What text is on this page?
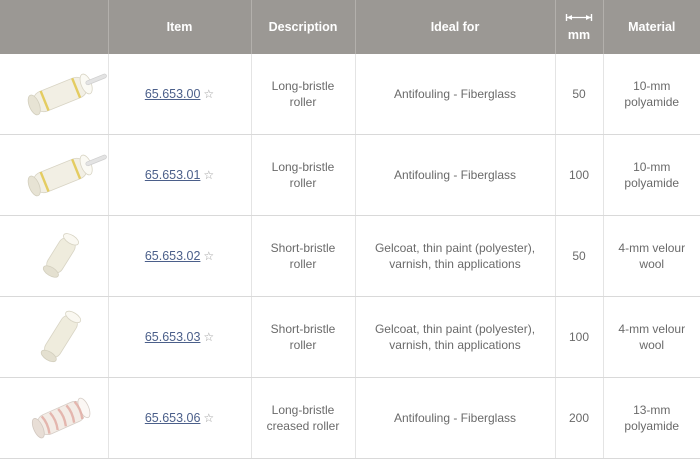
	Item	Description	Ideal for	mm	Material

	65.653.00 ☆	Long-bristle roller	Antifouling - Fiberglass	50	10-mm polyamide

	65.653.01 ☆	Long-bristle roller	Antifouling - Fiberglass	100	10-mm polyamide

	65.653.02 ☆	Short-bristle roller	Gelcoat, thin paint (polyester), varnish, thin applications	50	4-mm velour wool

	65.653.03 ☆	Short-bristle roller	Gelcoat, thin paint (polyester), varnish, thin applications	100	4-mm velour wool

	65.653.06 ☆	Long-bristle creased roller	Antifouling - Fiberglass	200	13-mm polyamide
